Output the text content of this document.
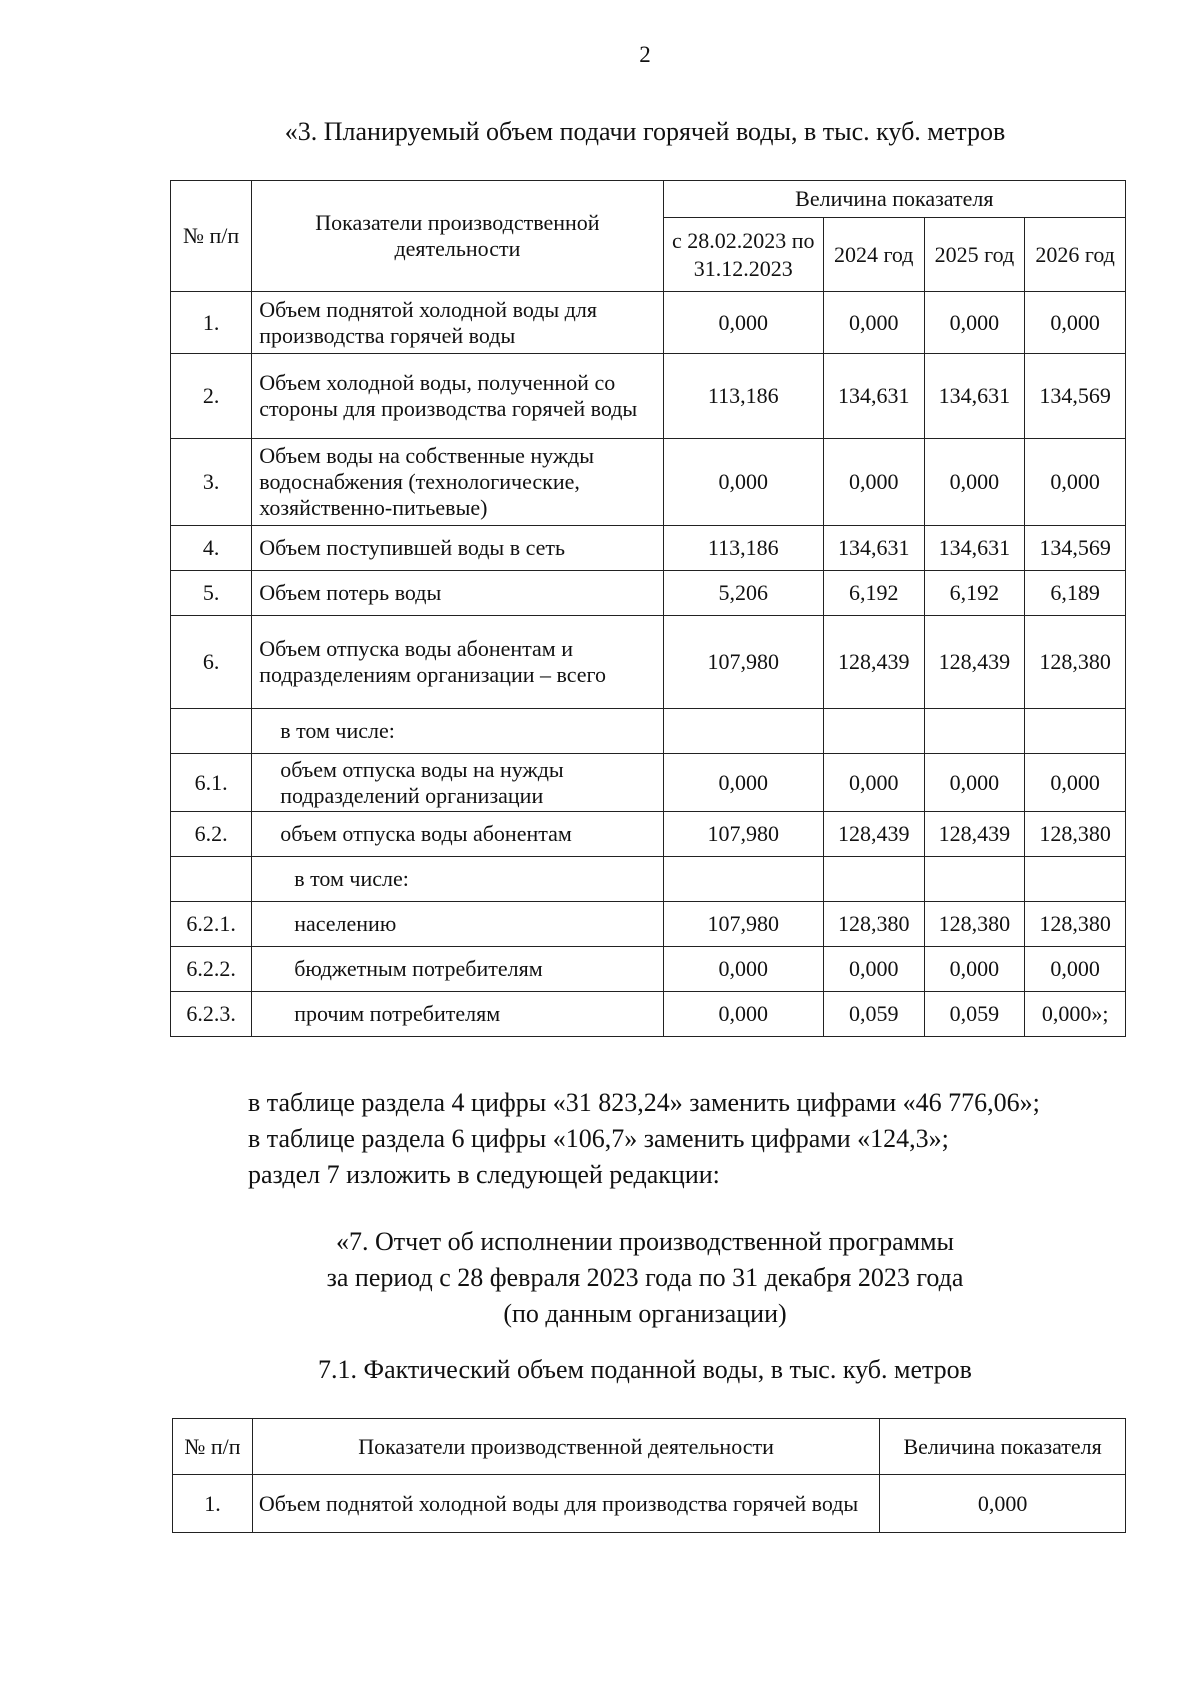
2
«3. Планируемый объем подачи горячей воды, в тыс. куб. метров
№ п/п	Показатели производственной деятельности	Величина показателя			
		с 28.02.2023 по 31.12.2023	2024 год	2025 год	2026 год
1.	Объем поднятой холодной воды для производства горячей воды	0,000	0,000	0,000	0,000
2.	Объем холодной воды, полученной со стороны для производства горячей воды	113,186	134,631	134,631	134,569
3.	Объем воды на собственные нужды водоснабжения (технологические, хозяйственно-питьевые)	0,000	0,000	0,000	0,000
4.	Объем поступившей воды в сеть	113,186	134,631	134,631	134,569
5.	Объем потерь воды	5,206	6,192	6,192	6,189
6.	Объем отпуска воды абонентам и подразделениям организации – всего	107,980	128,439	128,439	128,380
	в том числе:				
6.1.	объем отпуска воды на нужды подразделений организации	0,000	0,000	0,000	0,000
6.2.	объем отпуска воды абонентам	107,980	128,439	128,439	128,380
	в том числе:				
6.2.1.	населению	107,980	128,380	128,380	128,380
6.2.2.	бюджетным потребителям	0,000	0,000	0,000	0,000
6.2.3.	прочим потребителям	0,000	0,059	0,059	0,000»;
в таблице раздела 4 цифры «31 823,24» заменить цифрами «46 776,06»;
в таблице раздела 6 цифры «106,7» заменить цифрами «124,3»;
раздел 7 изложить в следующей редакции:
«7. Отчет об исполнении производственной программы
за период с 28 февраля 2023 года по 31 декабря 2023 года
(по данным организации)
7.1. Фактический объем поданной воды, в тыс. куб. метров
№ п/п	Показатели производственной деятельности	Величина показателя
1.	Объем поднятой холодной воды для производства горячей воды	0,000
